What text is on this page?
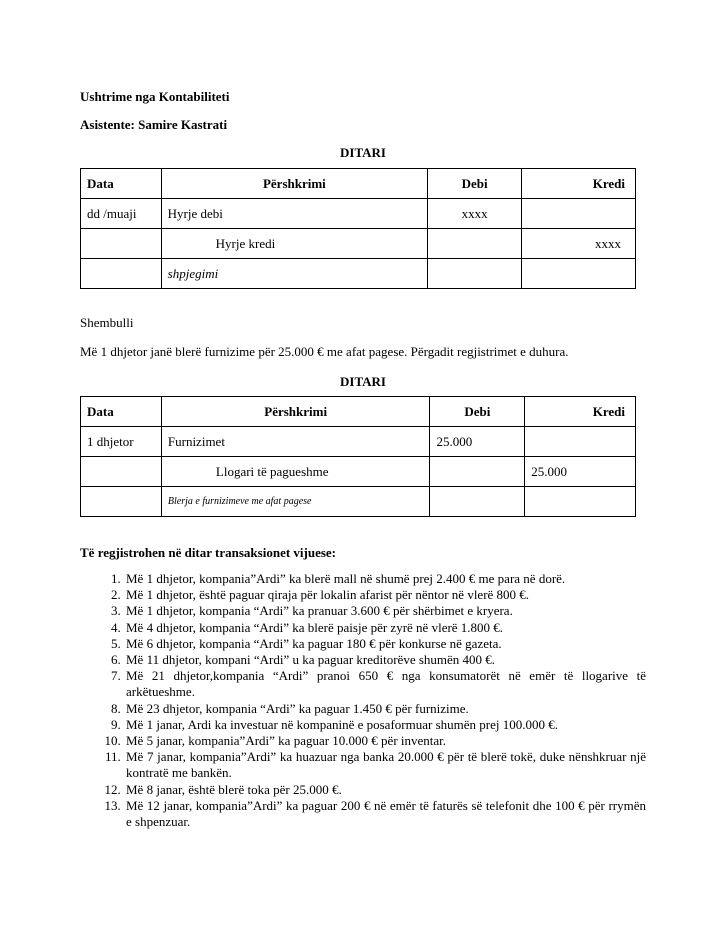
Ushtrime nga Kontabiliteti
Asistente: Samire Kastrati
DITARI
Data	Përshkrimi	Debi	Kredi
dd /muaji	Hyrje debi	xxxx	
	Hyrje kredi		xxxx
	shpjegimi		
Shembulli
Më 1 dhjetor janë blerë furnizime për 25.000 € me afat pagese. Përgadit regjistrimet e duhura.
DITARI
Data	Përshkrimi	Debi	Kredi
1 dhjetor	Furnizimet	25.000	
	Llogari të pagueshme		25.000
	Blerja e furnizimeve me afat pagese		
Të regjistrohen në ditar transaksionet vijuese:
1. Më 1 dhjetor, kompania”Ardi” ka blerë mall në shumë prej 2.400 € me para në dorë.
2. Më 1 dhjetor, është paguar qiraja për lokalin afarist për nëntor në vlerë 800 €.
3. Më 1 dhjetor, kompania “Ardi” ka pranuar 3.600 € për shërbimet e kryera.
4. Më 4 dhjetor, kompania “Ardi” ka blerë paisje për zyrë në vlerë 1.800 €.
5. Më 6 dhjetor, kompania “Ardi” ka paguar 180 € për konkurse në gazeta.
6. Më 11 dhjetor, kompani “Ardi” u ka paguar kreditorëve shumën 400 €.
7. Më 21 dhjetor,kompania “Ardi” pranoi 650 € nga konsumatorët në emër të llogarive të arkëtueshme.
8. Më 23 dhjetor, kompania “Ardi” ka paguar 1.450 € për furnizime.
9. Më 1 janar, Ardi ka investuar në kompaninë e posaformuar shumën prej 100.000 €.
10. Më 5 janar, kompania”Ardi” ka paguar 10.000 € për inventar.
11. Më 7 janar, kompania”Ardi” ka huazuar nga banka 20.000 € për të blerë tokë, duke nënshkruar një kontratë me bankën.
12. Më 8 janar, është blerë toka për 25.000 €.
13. Më 12 janar, kompania”Ardi” ka paguar 200 € në emër të faturës së telefonit dhe 100 € për rrymën e shpenzuar.
